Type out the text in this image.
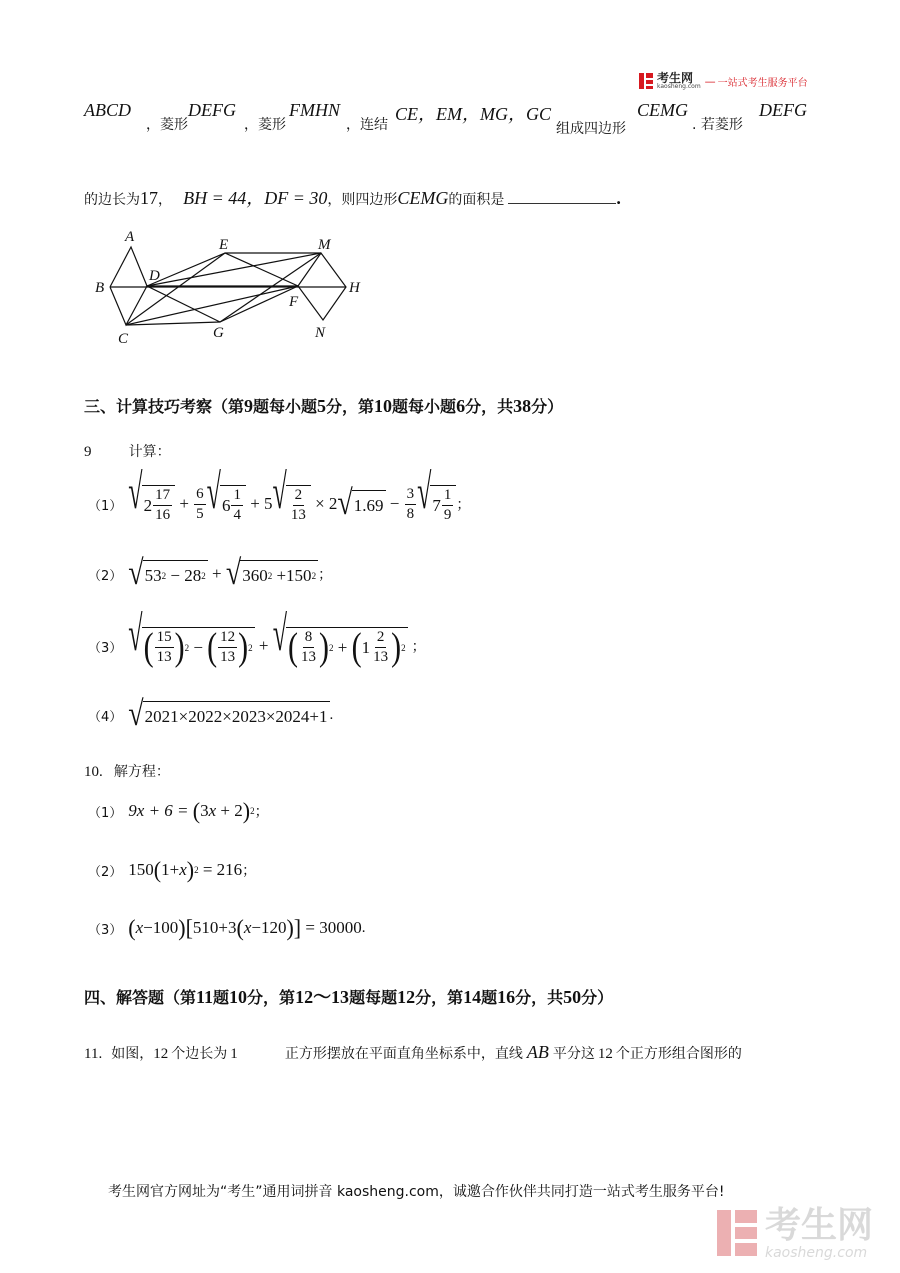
考生网
kaosheng.com — 一站式考生服务平台
ABCD
，菱形
DEFG
，菱形
FMHN
，连结
CE，EM，MG，GC
组成四边形
CEMG
. 若菱形
DEFG
的边长为17， BH = 44，DF = 30，则四边形CEMG的面积是	.
A
B
C
D
E
F
G
M
H
N
三、计算技巧考察（第9题每小题5分，第10题每小题6分，共38分）
9	计算：
（1） √ $2 \frac{17}{16} + \frac{6}{5}$ √ $6 \frac{1}{4} + 5$ √ $\frac{2}{13} \times 2$ √ $1.69 - \frac{3}{8}$ √ $7 \frac{1}{9}$ ；
（2） √ 53 2 − 28 2 + √ 360 2 +150 2 ；
（3） √ ( $\frac{15}{13}$ ) 2 − ( $\frac{12}{13}$ ) 2 + √ ( $\frac{8}{13}$ ) 2 + ( $1 \frac{2}{13}$ ) 2 ；
（4） √ 2021×2022×2023×2024+1 .
10. 解方程：
（1） 9x + 6 =
( 3 x + 2 ) 2 ；
（2） 150 ( 1+ x ) 2
= 216 ；
（3） ( x −100 ) [ 510+3 ( x −120 ) ] = 30000 .
四、解答题（第11题10分，第12～13题每题12分，第14题16分，共50分）
11. 如图，12 个边长为 1	正方形摆放在平面直角坐标系中，直线 AB 平分这 12 个正方形组合图形的
考生网官方网址为“考生”通用词拼音 kaosheng.com，诚邀合作伙伴共同打造一站式考生服务平台!
考生网
kaosheng.com
